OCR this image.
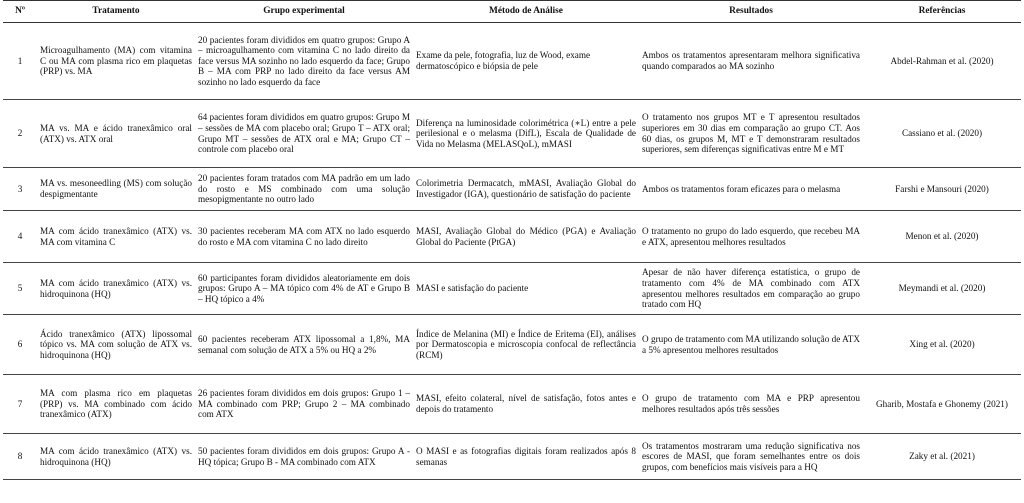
Nº	Tratamento	Grupo experimental	Método de Análise	Resultados	Referências
1	Microagulhamento (MA) com vitamina C ou MA com plasma rico em plaquetas (PRP) vs. MA	20 pacientes foram divididos em quatro grupos: Grupo A – microagulhamento com vitamina C no lado direito da face versus MA sozinho no lado esquerdo da face; Grupo B – MA com PRP no lado direito da face versus AM sozinho no lado esquerdo da face	Exame da pele, fotografia, luz de Wood, exame dermatoscópico e biópsia de pele	Ambos os tratamentos apresentaram melhora significativa quando comparados ao MA sozinho	Abdel-Rahman et al. (2020)
2	MA vs. MA e ácido tranexâmico oral (ATX) vs. ATX oral	64 pacientes foram divididos em quatro grupos: Grupo M – sessões de MA com placebo oral; Grupo T – ATX oral; Grupo MT – sessões de ATX oral e MA; Grupo CT – controle com placebo oral	Diferença na luminosidade colorimétrica (∗L) entre a pele perilesional e o melasma (DifL), Escala de Qualidade de Vida no Melasma (MELASQoL), mMASI	O tratamento nos grupos MT e T apresentou resultados superiores em 30 dias em comparação ao grupo CT. Aos 60 dias, os grupos M, MT e T demonstraram resultados superiores, sem diferenças significativas entre M e MT	Cassiano et al. (2020)
3	MA vs. mesoneedling (MS) com solução despigmentante	20 pacientes foram tratados com MA padrão em um lado do rosto e MS combinado com uma solução mesopigmentante no outro lado	Colorimetria Dermacatch, mMASI, Avaliação Global do Investigador (IGA), questionário de satisfação do paciente	Ambos os tratamentos foram eficazes para o melasma	Farshi e Mansouri (2020)
4	MA com ácido tranexâmico (ATX) vs. MA com vitamina C	30 pacientes receberam MA com ATX no lado esquerdo do rosto e MA com vitamina C no lado direito	MASI, Avaliação Global do Médico (PGA) e Avaliação Global do Paciente (PtGA)	O tratamento no grupo do lado esquerdo, que recebeu MA e ATX, apresentou melhores resultados	Menon et al. (2020)
5	MA com ácido tranexâmico (ATX) vs. hidroquinona (HQ)	60 participantes foram divididos aleatoriamente em dois grupos: Grupo A – MA tópico com 4% de AT e Grupo B – HQ tópico a 4%	MASI e satisfação do paciente	Apesar de não haver diferença estatística, o grupo de tratamento com 4% de MA combinado com ATX apresentou melhores resultados em comparação ao grupo tratado com HQ	Meymandi et al. (2020)
6	Ácido tranexâmico (ATX) lipossomal tópico vs. MA com solução de ATX vs. hidroquinona (HQ)	60 pacientes receberam ATX lipossomal a 1,8%, MA semanal com solução de ATX a 5% ou HQ a 2%	Índice de Melanina (MI) e Índice de Eritema (EI), análises por Dermatoscopia e microscopia confocal de reflectância (RCM)	O grupo de tratamento com MA utilizando solução de ATX a 5% apresentou melhores resultados	Xing et al. (2020)
7	MA com plasma rico em plaquetas (PRP) vs. MA combinado com ácido tranexâmico (ATX)	26 pacientes foram divididos em dois grupos: Grupo 1 – MA combinado com PRP; Grupo 2 – MA combinado com ATX	MASI, efeito colateral, nível de satisfação, fotos antes e depois do tratamento	O grupo de tratamento com MA e PRP apresentou melhores resultados após três sessões	Gharib, Mostafa e Ghonemy (2021)
8	MA com ácido tranexâmico (ATX) vs. hidroquinona (HQ)	50 pacientes foram divididos em dois grupos: Grupo A - HQ tópica; Grupo B - MA combinado com ATX	O MASI e as fotografias digitais foram realizados após 8 semanas	Os tratamentos mostraram uma redução significativa nos escores de MASI, que foram semelhantes entre os dois grupos, com benefícios mais visíveis para a HQ	Zaky et al. (2021)
